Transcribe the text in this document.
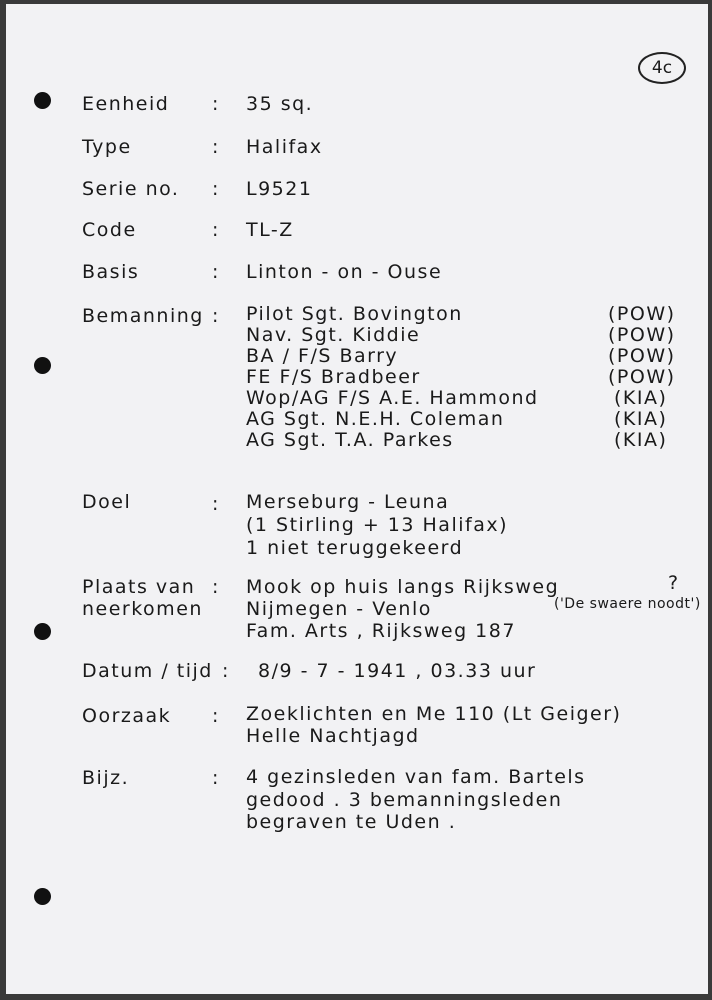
4c
Eenheid : 35 sq.
Type	: Halifax
Serie no. : L9521
Code	: TL-Z
Basis	: Linton - on - Ouse
Bemanning : Pilot Sgt. Bovington	(POW)
Nav. Sgt. Kiddie	(POW)
BA / F/S Barry	(POW)
FE F/S Bradbeer	(POW)
Wop/AG F/S A.E. Hammond	(KIA)
AG Sgt. N.E.H. Coleman	(KIA)
AG Sgt. T.A. Parkes	(KIA)
Doel	: Merseburg - Leuna
(1 Stirling + 13 Halifax)
1 niet teruggekeerd
Plaats van
neerkomen
: Mook op huis langs Rijksweg	?
Nijmegen - Venlo	('De swaere noodt')
Fam. Arts , Rijksweg 187
Datum / tijd : 8/9 - 7 - 1941 , 03.33 uur
Oorzaak : Zoeklichten en Me 110 (Lt Geiger)
Helle Nachtjagd
Bijz.	: 4 gezinsleden van fam. Bartels
gedood . 3 bemanningsleden
begraven te Uden .
